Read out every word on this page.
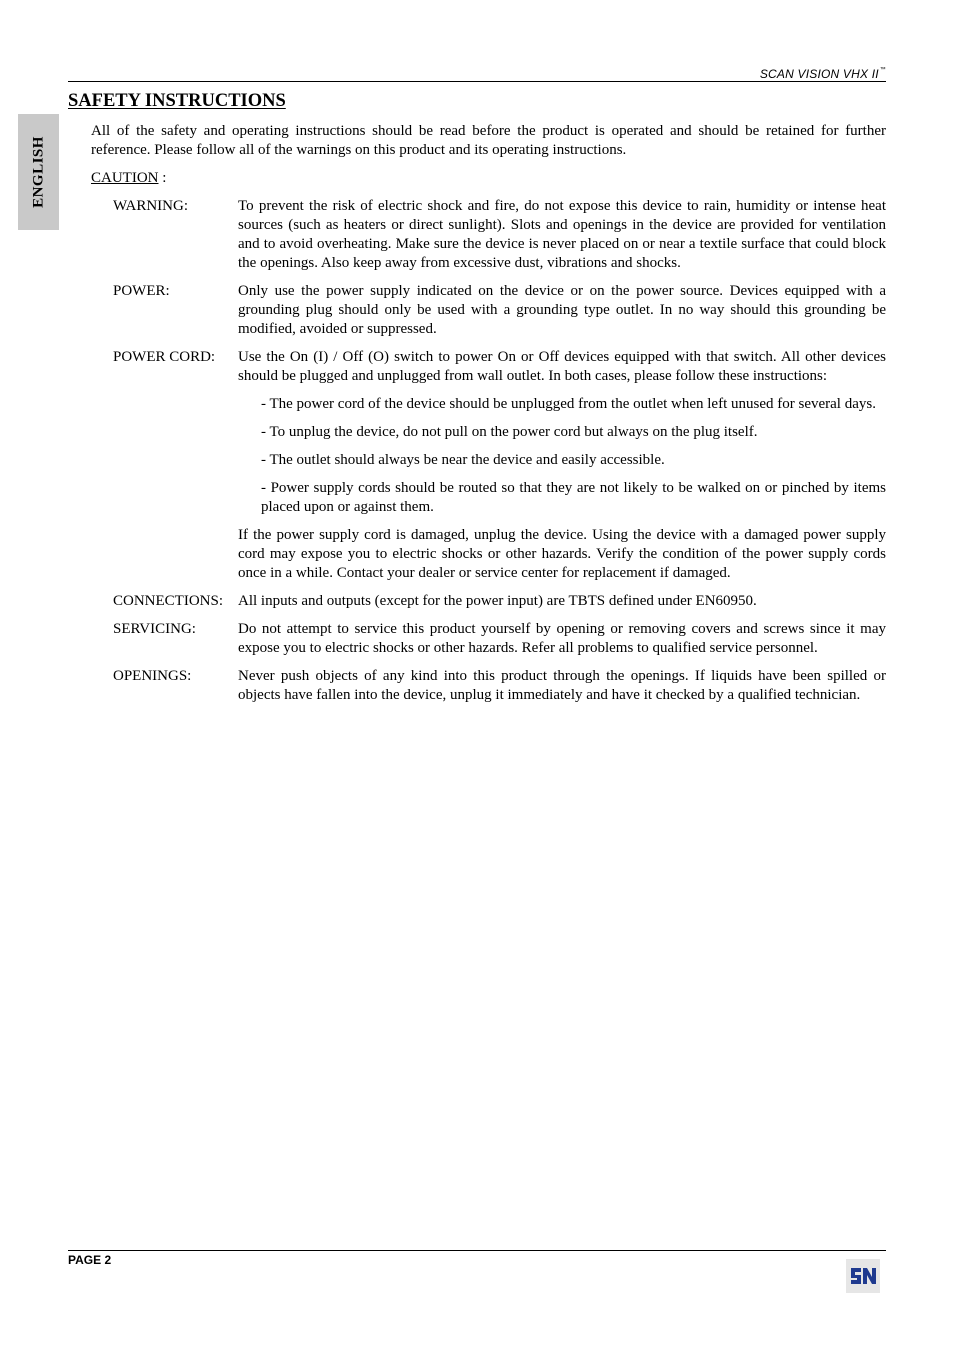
SCAN VISION VHX II™
ENGLISH
SAFETY INSTRUCTIONS

All of the safety and operating instructions should be read before the product is operated and should be retained for further reference. Please follow all of the warnings on this product and its operating instructions.

CAUTION :

WARNING:	To prevent the risk of electric shock and fire, do not expose this device to rain, humidity or intense heat sources (such as heaters or direct sunlight). Slots and openings in the device are provided for ventilation and to avoid overheating. Make sure the device is never placed on or near a textile surface that could block the openings. Also keep away from excessive dust, vibrations and shocks.

POWER:	Only use the power supply indicated on the device or on the power source. Devices equipped with a grounding plug should only be used with a grounding type outlet. In no way should this grounding be modified, avoided or suppressed.

POWER CORD:	Use the On (I) / Off (O) switch to power On or Off devices equipped with that switch. All other devices should be plugged and unplugged from wall outlet. In both cases, please follow these instructions:

- The power cord of the device should be unplugged from the outlet when left unused for several days.

- To unplug the device, do not pull on the power cord but always on the plug itself.

- The outlet should always be near the device and easily accessible.

- Power supply cords should be routed so that they are not likely to be walked on or pinched by items placed upon or against them.

If the power supply cord is damaged, unplug the device. Using the device with a damaged power supply cord may expose you to electric shocks or other hazards. Verify the condition of the power supply cords once in a while. Contact your dealer or service center for replacement if damaged.

CONNECTIONS: All inputs and outputs (except for the power input) are TBTS defined under EN60950.

SERVICING:	Do not attempt to service this product yourself by opening or removing covers and screws since it may expose you to electric shocks or other hazards. Refer all problems to qualified service personnel.

OPENINGS:	Never push objects of any kind into this product through the openings. If liquids have been spilled or objects have fallen into the device, unplug it immediately and have it checked by a qualified technician.

PAGE 2
